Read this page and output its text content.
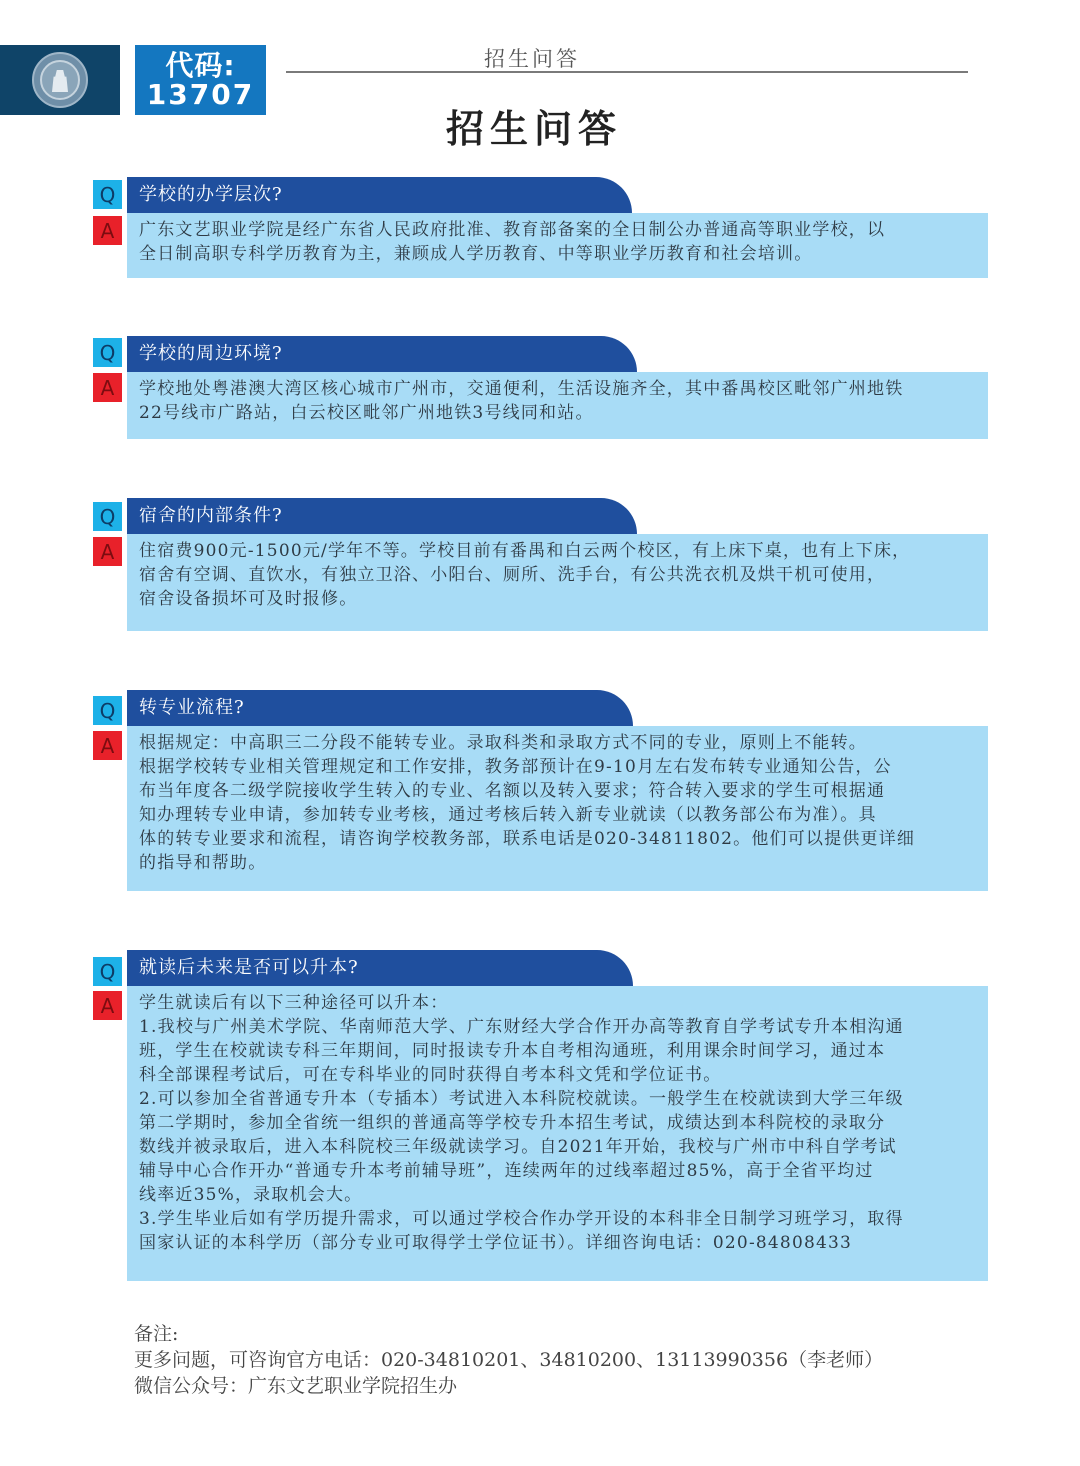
代码:
13707
招生问答
招生问答
Q	学校的办学层次?
A	广东文艺职业学院是经广东省人民政府批准、教育部备案的全日制公办普通高等职业学校，以
全日制高职专科学历教育为主，兼顾成人学历教育、中等职业学历教育和社会培训。
Q	学校的周边环境?
A	学校地处粤港澳大湾区核心城市广州市，交通便利，生活设施齐全，其中番禺校区毗邻广州地铁
22号线市广路站，白云校区毗邻广州地铁3号线同和站。
Q	宿舍的内部条件?
A	住宿费900元-1500元/学年不等。学校目前有番禺和白云两个校区，有上床下桌，也有上下床，
宿舍有空调、直饮水，有独立卫浴、小阳台、厕所、洗手台，有公共洗衣机及烘干机可使用，
宿舍设备损坏可及时报修。
Q	转专业流程?
A	根据规定：中高职三二分段不能转专业。录取科类和录取方式不同的专业，原则上不能转。
根据学校转专业相关管理规定和工作安排，教务部预计在9-10月左右发布转专业通知公告，公
布当年度各二级学院接收学生转入的专业、名额以及转入要求；符合转入要求的学生可根据通
知办理转专业申请，参加转专业考核，通过考核后转入新专业就读（以教务部公布为准）。具
体的转专业要求和流程，请咨询学校教务部，联系电话是020-34811802。他们可以提供更详细
的指导和帮助。
Q	就读后未来是否可以升本?
A	学生就读后有以下三种途径可以升本：
1.我校与广州美术学院、华南师范大学、广东财经大学合作开办高等教育自学考试专升本相沟通
班，学生在校就读专科三年期间，同时报读专升本自考相沟通班，利用课余时间学习，通过本
科全部课程考试后，可在专科毕业的同时获得自考本科文凭和学位证书。
2.可以参加全省普通专升本（专插本）考试进入本科院校就读。一般学生在校就读到大学三年级
第二学期时，参加全省统一组织的普通高等学校专升本招生考试，成绩达到本科院校的录取分
数线并被录取后，进入本科院校三年级就读学习。自2021年开始，我校与广州市中科自学考试
辅导中心合作开办“普通专升本考前辅导班”，连续两年的过线率超过85%，高于全省平均过
线率近35%，录取机会大。
3.学生毕业后如有学历提升需求，可以通过学校合作办学开设的本科非全日制学习班学习，取得
国家认证的本科学历（部分专业可取得学士学位证书）。详细咨询电话：020-84808433
备注:
更多问题，可咨询官方电话：020-34810201、34810200、13113990356（李老师）
微信公众号：广东文艺职业学院招生办
